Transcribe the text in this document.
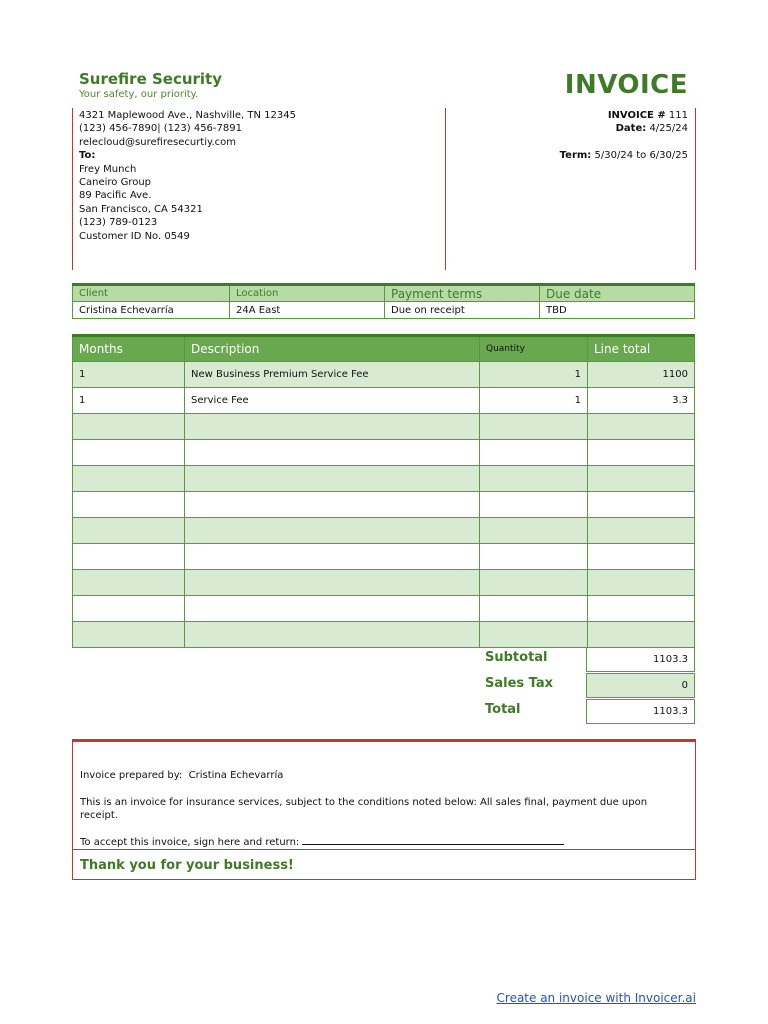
Surefire Security
Your safety, our priority.
4321 Maplewood Ave., Nashville, TN 12345
(123) 456-7890| (123) 456-7891
relecloud@surefiresecurtiy.com
To:
Frey Munch
Caneiro Group
89 Pacific Ave.
San Francisco, CA 54321
(123) 789-0123
Customer ID No. 0549
INVOICE
INVOICE # 111
Date: 4/25/24
Term: 5/30/24 to 6/30/25
Client	Location	Payment terms	Due date
Cristina Echevarría	24A East	Due on receipt	TBD
Months	Description	Quantity	Line total
1	New Business Premium Service Fee	1	1100
1	Service Fee	1	3.3

Subtotal	1103.3
Sales Tax	0
Total	1103.3
Invoice prepared by: Cristina Echevarría
This is an invoice for insurance services, subject to the conditions noted below: All sales final, payment due upon receipt.
To accept this invoice, sign here and return:
Thank you for your business!
Create an invoice with Invoicer.ai
